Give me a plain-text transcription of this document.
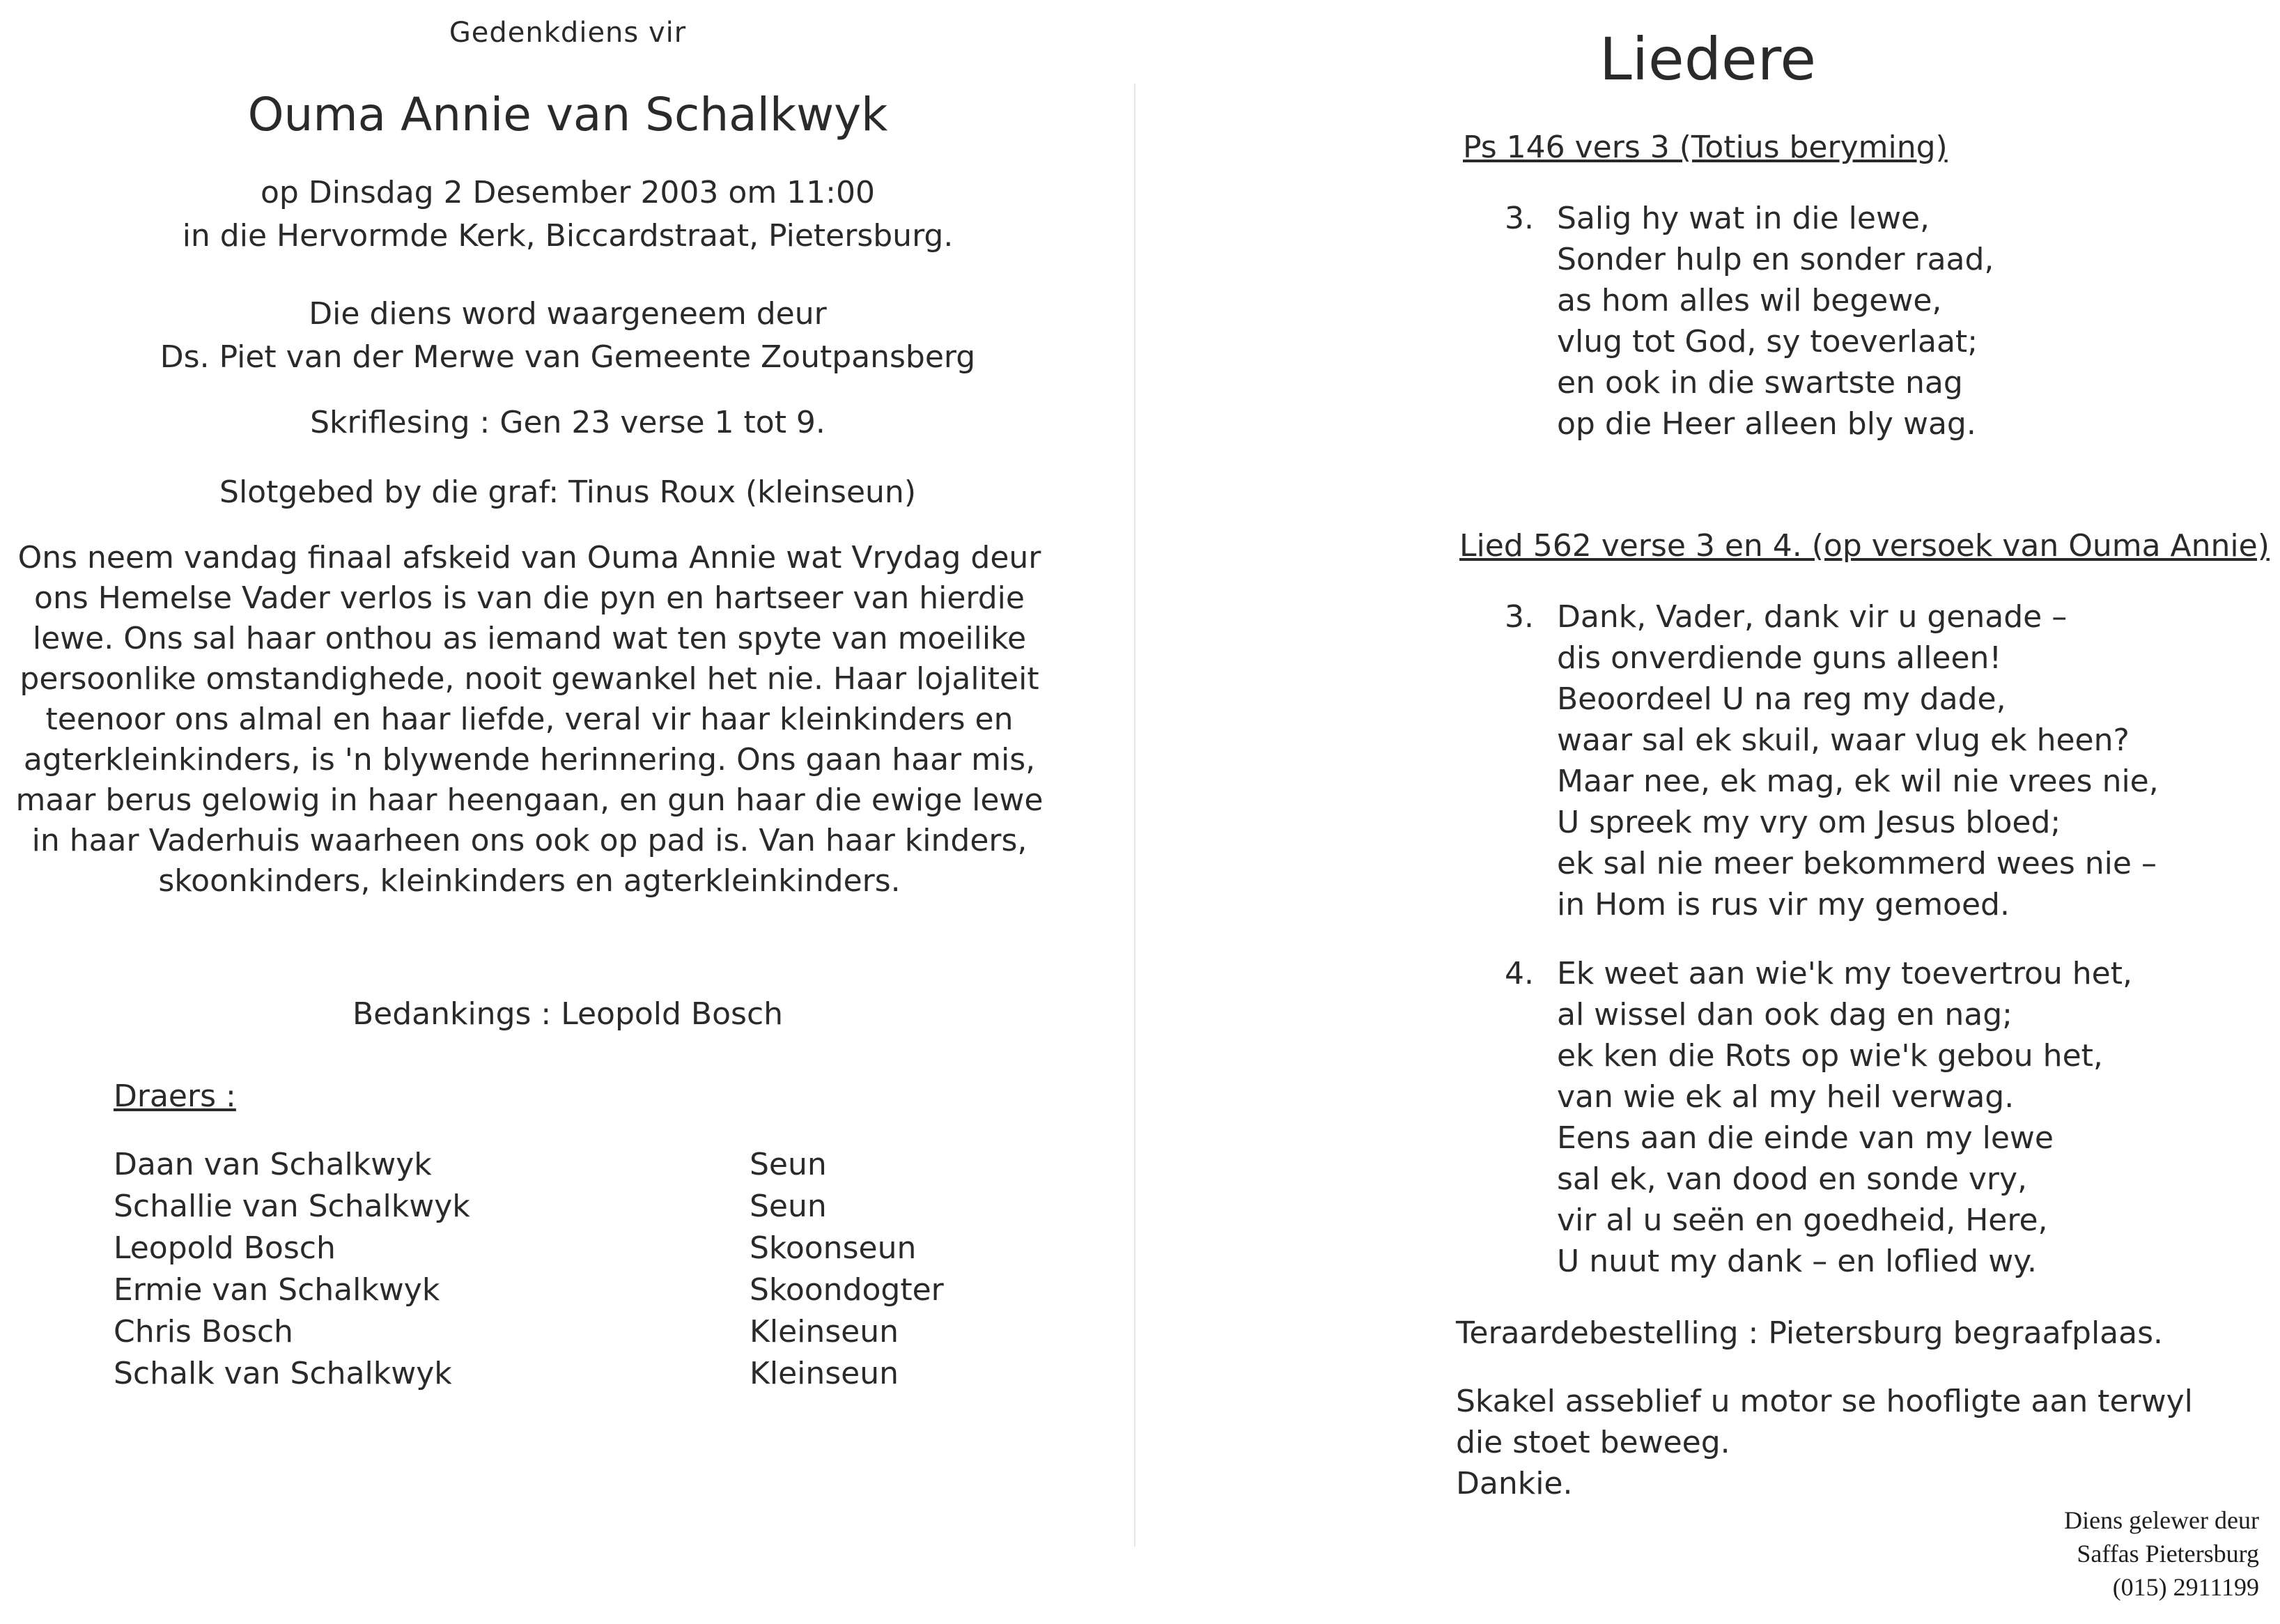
Gedenkdiens vir
Ouma Annie van Schalkwyk
op Dinsdag 2 Desember 2003 om 11:00
in die Hervormde Kerk, Biccardstraat, Pietersburg.
Die diens word waargeneem deur
Ds. Piet van der Merwe van Gemeente Zoutpansberg
Skriflesing : Gen 23 verse 1 tot 9.
Slotgebed by die graf: Tinus Roux (kleinseun)
Ons neem vandag finaal afskeid van Ouma Annie wat Vrydag deur ons Hemelse Vader verlos is van die pyn en hartseer van hierdie lewe. Ons sal haar onthou as iemand wat ten spyte van moeilike persoonlike omstandighede, nooit gewankel het nie. Haar lojaliteit teenoor ons almal en haar liefde, veral vir haar kleinkinders en agterkleinkinders, is 'n blywende herinnering. Ons gaan haar mis, maar berus gelowig in haar heengaan, en gun haar die ewige lewe in haar Vaderhuis waarheen ons ook op pad is. Van haar kinders, skoonkinders, kleinkinders en agterkleinkinders.
Bedankings : Leopold Bosch
Draers :
Daan van Schalkwyk	Seun
Schallie van Schalkwyk	Seun
Leopold Bosch	Skoonseun
Ermie van Schalkwyk	Skoondogter
Chris Bosch	Kleinseun
Schalk van Schalkwyk	Kleinseun
Liedere
Ps 146 vers 3 (Totius beryming)
3. Salig hy wat in die lewe,
Sonder hulp en sonder raad,
as hom alles wil begewe,
vlug tot God, sy toeverlaat;
en ook in die swartste nag
op die Heer alleen bly wag.
Lied 562 verse 3 en 4. (op versoek van Ouma Annie)
3. Dank, Vader, dank vir u genade –
dis onverdiende guns alleen!
Beoordeel U na reg my dade,
waar sal ek skuil, waar vlug ek heen?
Maar nee, ek mag, ek wil nie vrees nie,
U spreek my vry om Jesus bloed;
ek sal nie meer bekommerd wees nie –
in Hom is rus vir my gemoed.
4. Ek weet aan wie'k my toevertrou het,
al wissel dan ook dag en nag;
ek ken die Rots op wie'k gebou het,
van wie ek al my heil verwag.
Eens aan die einde van my lewe
sal ek, van dood en sonde vry,
vir al u seën en goedheid, Here,
U nuut my dank – en loflied wy.
Teraardebestelling : Pietersburg begraafplaas.
Skakel asseblief u motor se hoofligte aan terwyl die stoet beweeg.
Dankie.
Diens gelewer deur
Saffas Pietersburg
(015) 2911199
